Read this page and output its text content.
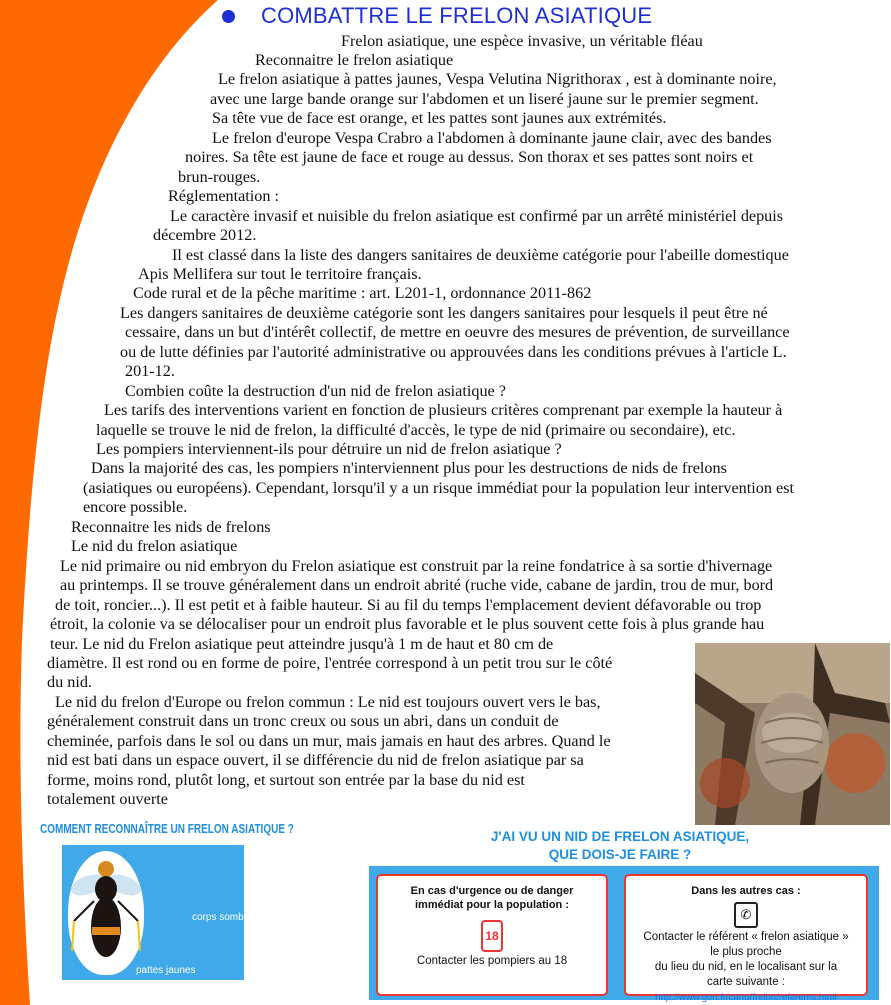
COMBATTRE LE FRELON ASIATIQUE
Frelon asiatique, une espèce invasive, un véritable fléau
Reconnaitre le frelon asiatique
Le frelon asiatique à pattes jaunes, Vespa Velutina Nigrithorax , est à dominante noire,
avec une large bande orange sur l'abdomen et un liseré jaune sur le premier segment.
Sa tête vue de face est orange, et les pattes sont jaunes aux extrémités.
Le frelon d'europe Vespa Crabro a l'abdomen à dominante jaune clair, avec des bandes
noires. Sa tête est jaune de face et rouge au dessus. Son thorax et ses pattes sont noirs et
brun-rouges.
Réglementation :
Le caractère invasif et nuisible du frelon asiatique est confirmé par un arrêté ministériel depuis
décembre 2012.
Il est classé dans la liste des dangers sanitaires de deuxième catégorie pour l'abeille domestique
Apis Mellifera sur tout le territoire français.
Code rural et de la pêche maritime : art. L201-1, ordonnance 2011-862
Les dangers sanitaires de deuxième catégorie sont les dangers sanitaires pour lesquels il peut être né
cessaire, dans un but d'intérêt collectif, de mettre en oeuvre des mesures de prévention, de surveillance
ou de lutte définies par l'autorité administrative ou approuvées dans les conditions prévues à l'article L.
201-12.
Combien coûte la destruction d'un nid de frelon asiatique ?
Les tarifs des interventions varient en fonction de plusieurs critères comprenant par exemple la hauteur à
laquelle se trouve le nid de frelon, la difficulté d'accès, le type de nid (primaire ou secondaire), etc.
Les pompiers interviennent-ils pour détruire un nid de frelon asiatique ?
Dans la majorité des cas, les pompiers n'interviennent plus pour les destructions de nids de frelons
(asiatiques ou européens). Cependant, lorsqu'il y a un risque immédiat pour la population leur intervention est
encore possible.
Reconnaitre les nids de frelons
Le nid du frelon asiatique
Le nid primaire ou nid embryon du Frelon asiatique est construit par la reine fondatrice à sa sortie d'hivernage
au printemps. Il se trouve généralement dans un endroit abrité (ruche vide, cabane de jardin, trou de mur, bord
de toit, roncier...). Il est petit et à faible hauteur. Si au fil du temps l'emplacement devient défavorable ou trop
étroit, la colonie va se délocaliser pour un endroit plus favorable et le plus souvent cette fois à plus grande hau
teur. Le nid du Frelon asiatique peut atteindre jusqu'à 1 m de haut et 80 cm de
diamètre. Il est rond ou en forme de poire, l'entrée correspond à un petit trou sur le côté
du nid.
Le nid du frelon d'Europe ou frelon commun : Le nid est toujours ouvert vers le bas,
généralement construit dans un tronc creux ou sous un abri, dans un conduit de
cheminée, parfois dans le sol ou dans un mur, mais jamais en haut des arbres. Quand le
nid est bati dans un espace ouvert, il se différencie du nid de frelon asiatique par sa
forme, moins rond, plutôt long, et surtout son entrée par la base du nid est
totalement ouverte
COMMENT RECONNAÎTRE UN FRELON ASIATIQUE ?
corps sombre
pattes jaunes
J'AI VU UN NID DE FRELON ASIATIQUE,
QUE DOIS-JE FAIRE ?
En cas d'urgence ou de danger
immédiat pour la population :
18
Contacter les pompiers au 18
Dans les autres cas :
✆
Contacter le référent « frelon asiatique »
le plus proche
du lieu du nid, en le localisant sur la
carte suivante :
http://www.gon.fr/carto/frelon/referents.html
